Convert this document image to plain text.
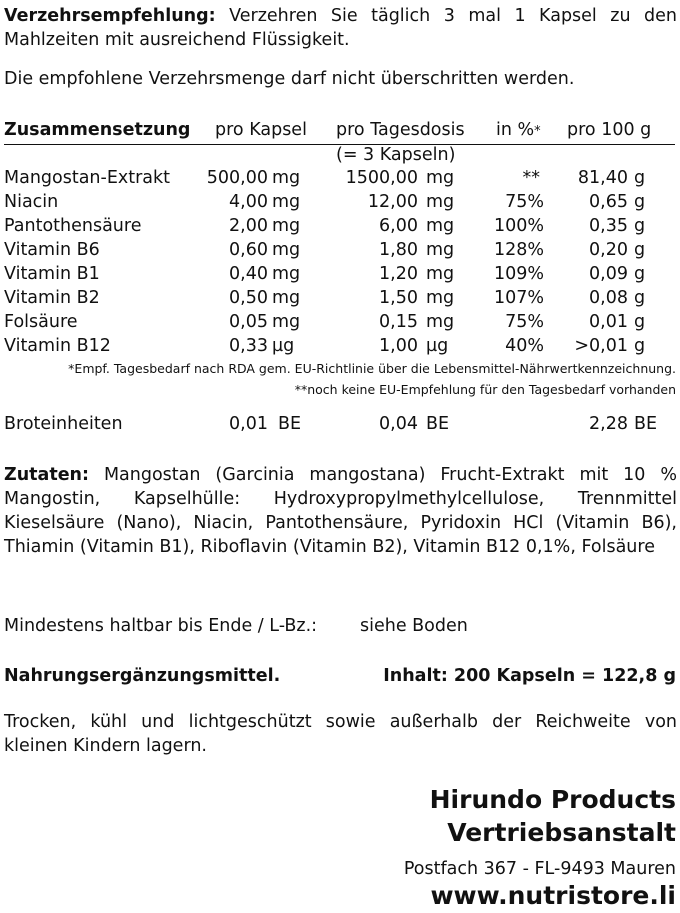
Verzehrsempfehlung: Verzehren Sie täglich 3 mal 1 Kapsel zu den Mahlzeiten mit ausreichend Flüssigkeit.
Die empfohlene Verzehrsmenge darf nicht überschritten werden.
Zusammensetzung pro Kapsel pro Tagesdosis in %* pro 100 g
(= 3 Kapseln)
Mangostan-Extrakt 500,00 mg	1500,00 mg	** 81,40 g
Niacin	4,00 mg	12,00 mg	75%	0,65 g
Pantothensäure	2,00 mg	6,00 mg 100%	0,35 g
Vitamin B6	0,60 mg	1,80 mg 128%	0,20 g
Vitamin B1	0,40 mg	1,20 mg 109%	0,09 g
Vitamin B2	0,50 mg	1,50 mg 107%	0,08 g
Folsäure	0,05 mg	0,15 mg	75%	0,01 g
Vitamin B12	0,33 µg	1,00 µg	40% >0,01 g
*Empf. Tagesbedarf nach RDA gem. EU-Richtlinie über die Lebensmittel-Nährwertkennzeichnung.
**noch keine EU-Empfehlung für den Tagesbedarf vorhanden
Broteinheiten	0,01 BE	0,04 BE	2,28 BE
Zutaten: Mangostan (Garcinia mangostana) Frucht-Extrakt mit 10 % Mangostin, Kapselhülle: Hydroxypropylmethylcellulose, Trennmittel Kieselsäure (Nano), Niacin, Pantothensäure, Pyridoxin HCl (Vitamin B6), Thiamin (Vitamin B1), Riboflavin (Vitamin B2), Vitamin B12 0,1%, Folsäure
Mindestens haltbar bis Ende / L-Bz.: siehe Boden
Nahrungsergänzungsmittel.	Inhalt: 200 Kapseln = 122,8 g
Trocken, kühl und lichtgeschützt sowie außerhalb der Reichweite von kleinen Kindern lagern.
Hirundo Products
Vertriebsanstalt
Postfach 367 - FL-9493 Mauren
www.nutristore.li
